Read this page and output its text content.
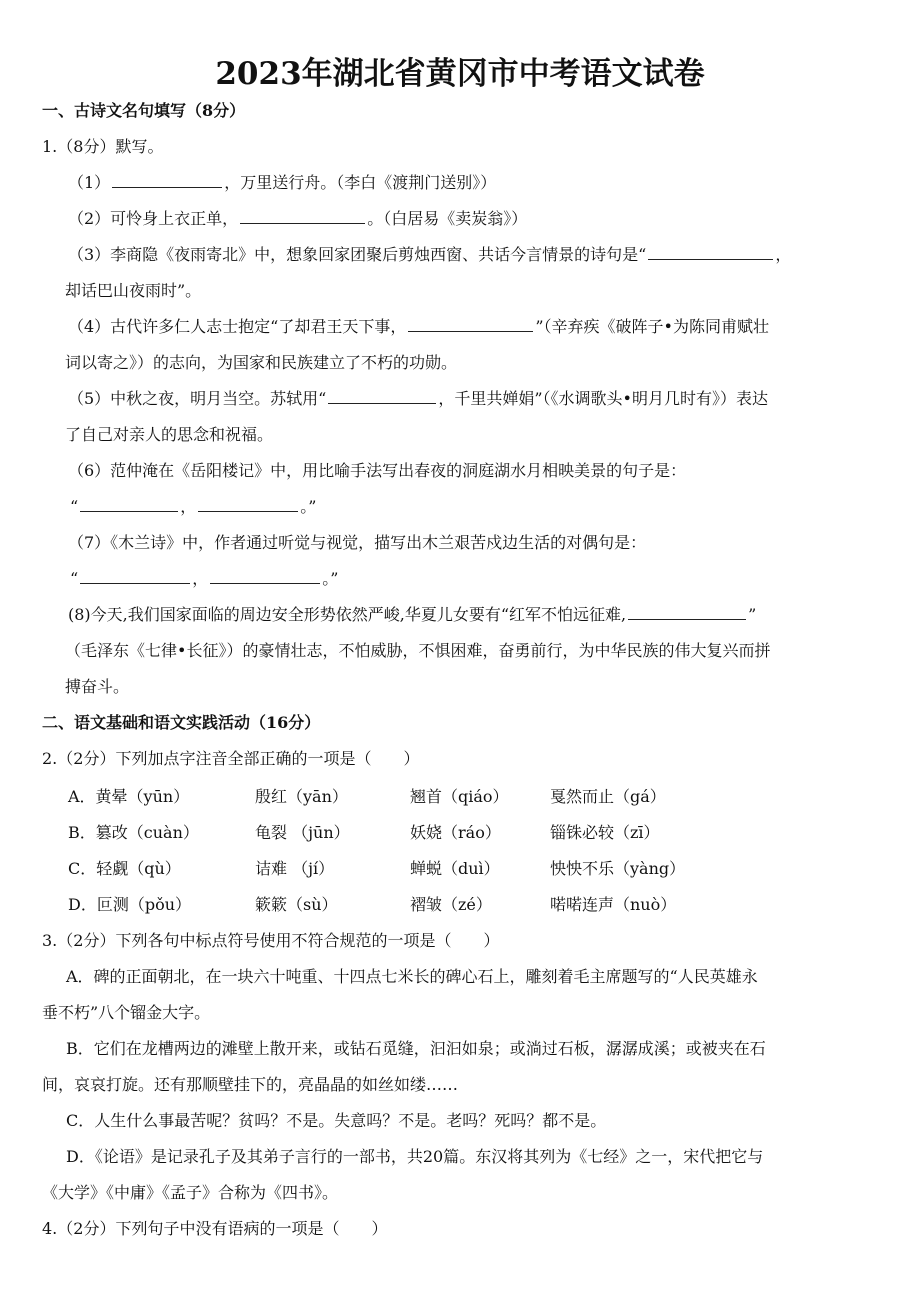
2023年湖北省黄冈市中考语文试卷
一、古诗文名句填写（8分）
1.（8分）默写。
（1）	，万里送行舟。（李白《渡荆门送别》）
（2）可怜身上衣正单，	。（白居易《卖炭翁》）
（3）李商隐《夜雨寄北》中，想象回家团聚后剪烛西窗、共话今言情景的诗句是“	，
却话巴山夜雨时”。
（4）古代许多仁人志士抱定“了却君王天下事，	”（辛弃疾《破阵子•为陈同甫赋壮
词以寄之》）的志向，为国家和民族建立了不朽的功勋。
（5）中秋之夜，明月当空。苏轼用“	，千里共婵娟”（《水调歌头•明月几时有》）表达
了自己对亲人的思念和祝福。
（6）范仲淹在《岳阳楼记》中，用比喻手法写出春夜的洞庭湖水月相映美景的句子是：
“	，	。”
（7）《木兰诗》中，作者通过听觉与视觉，描写出木兰艰苦戍边生活的对偶句是：
“	，	。”
(8)今天,我们国家面临的周边安全形势依然严峻,华夏儿女要有“红军不怕远征难,	”
（毛泽东《七律•长征》）的豪情壮志，不怕威胁，不惧困难，奋勇前行，为中华民族的伟大复兴而拼
搏奋斗。
二、语文基础和语文实践活动（16分）
2.（2分）下列加点字注音全部正确的一项是（　　）
A．黄晕（yūn）	殷红（yān）	翘首（qiáo）	戛然而止（gá）
B．篡改（cuàn）	龟裂 （jūn）	妖娆（ráo）	锱铢必较（zī）
C．轻觑（qù）	诘难 （jí）	蝉蜕（duì）	怏怏不乐（yàng）
D．叵测（pǒu）	簌簌（sù）	褶皱（zé）	喏喏连声（nuò）
3.（2分）下列各句中标点符号使用不符合规范的一项是（　　）
A．碑的正面朝北，在一块六十吨重、十四点七米长的碑心石上，雕刻着毛主席题写的“人民英雄永
垂不朽”八个镏金大字。
B．它们在龙槽两边的滩壁上散开来，或钻石觅缝，汩汩如泉；或淌过石板，潺潺成溪；或被夹在石
间，哀哀打旋。还有那顺壁挂下的，亮晶晶的如丝如缕……
C．人生什么事最苦呢？贫吗？不是。失意吗？不是。老吗？死吗？都不是。
D．《论语》是记录孔子及其弟子言行的一部书，共20篇。东汉将其列为《七经》之一，宋代把它与
《大学》《中庸》《孟子》合称为《四书》。
4.（2分）下列句子中没有语病的一项是（　　）
